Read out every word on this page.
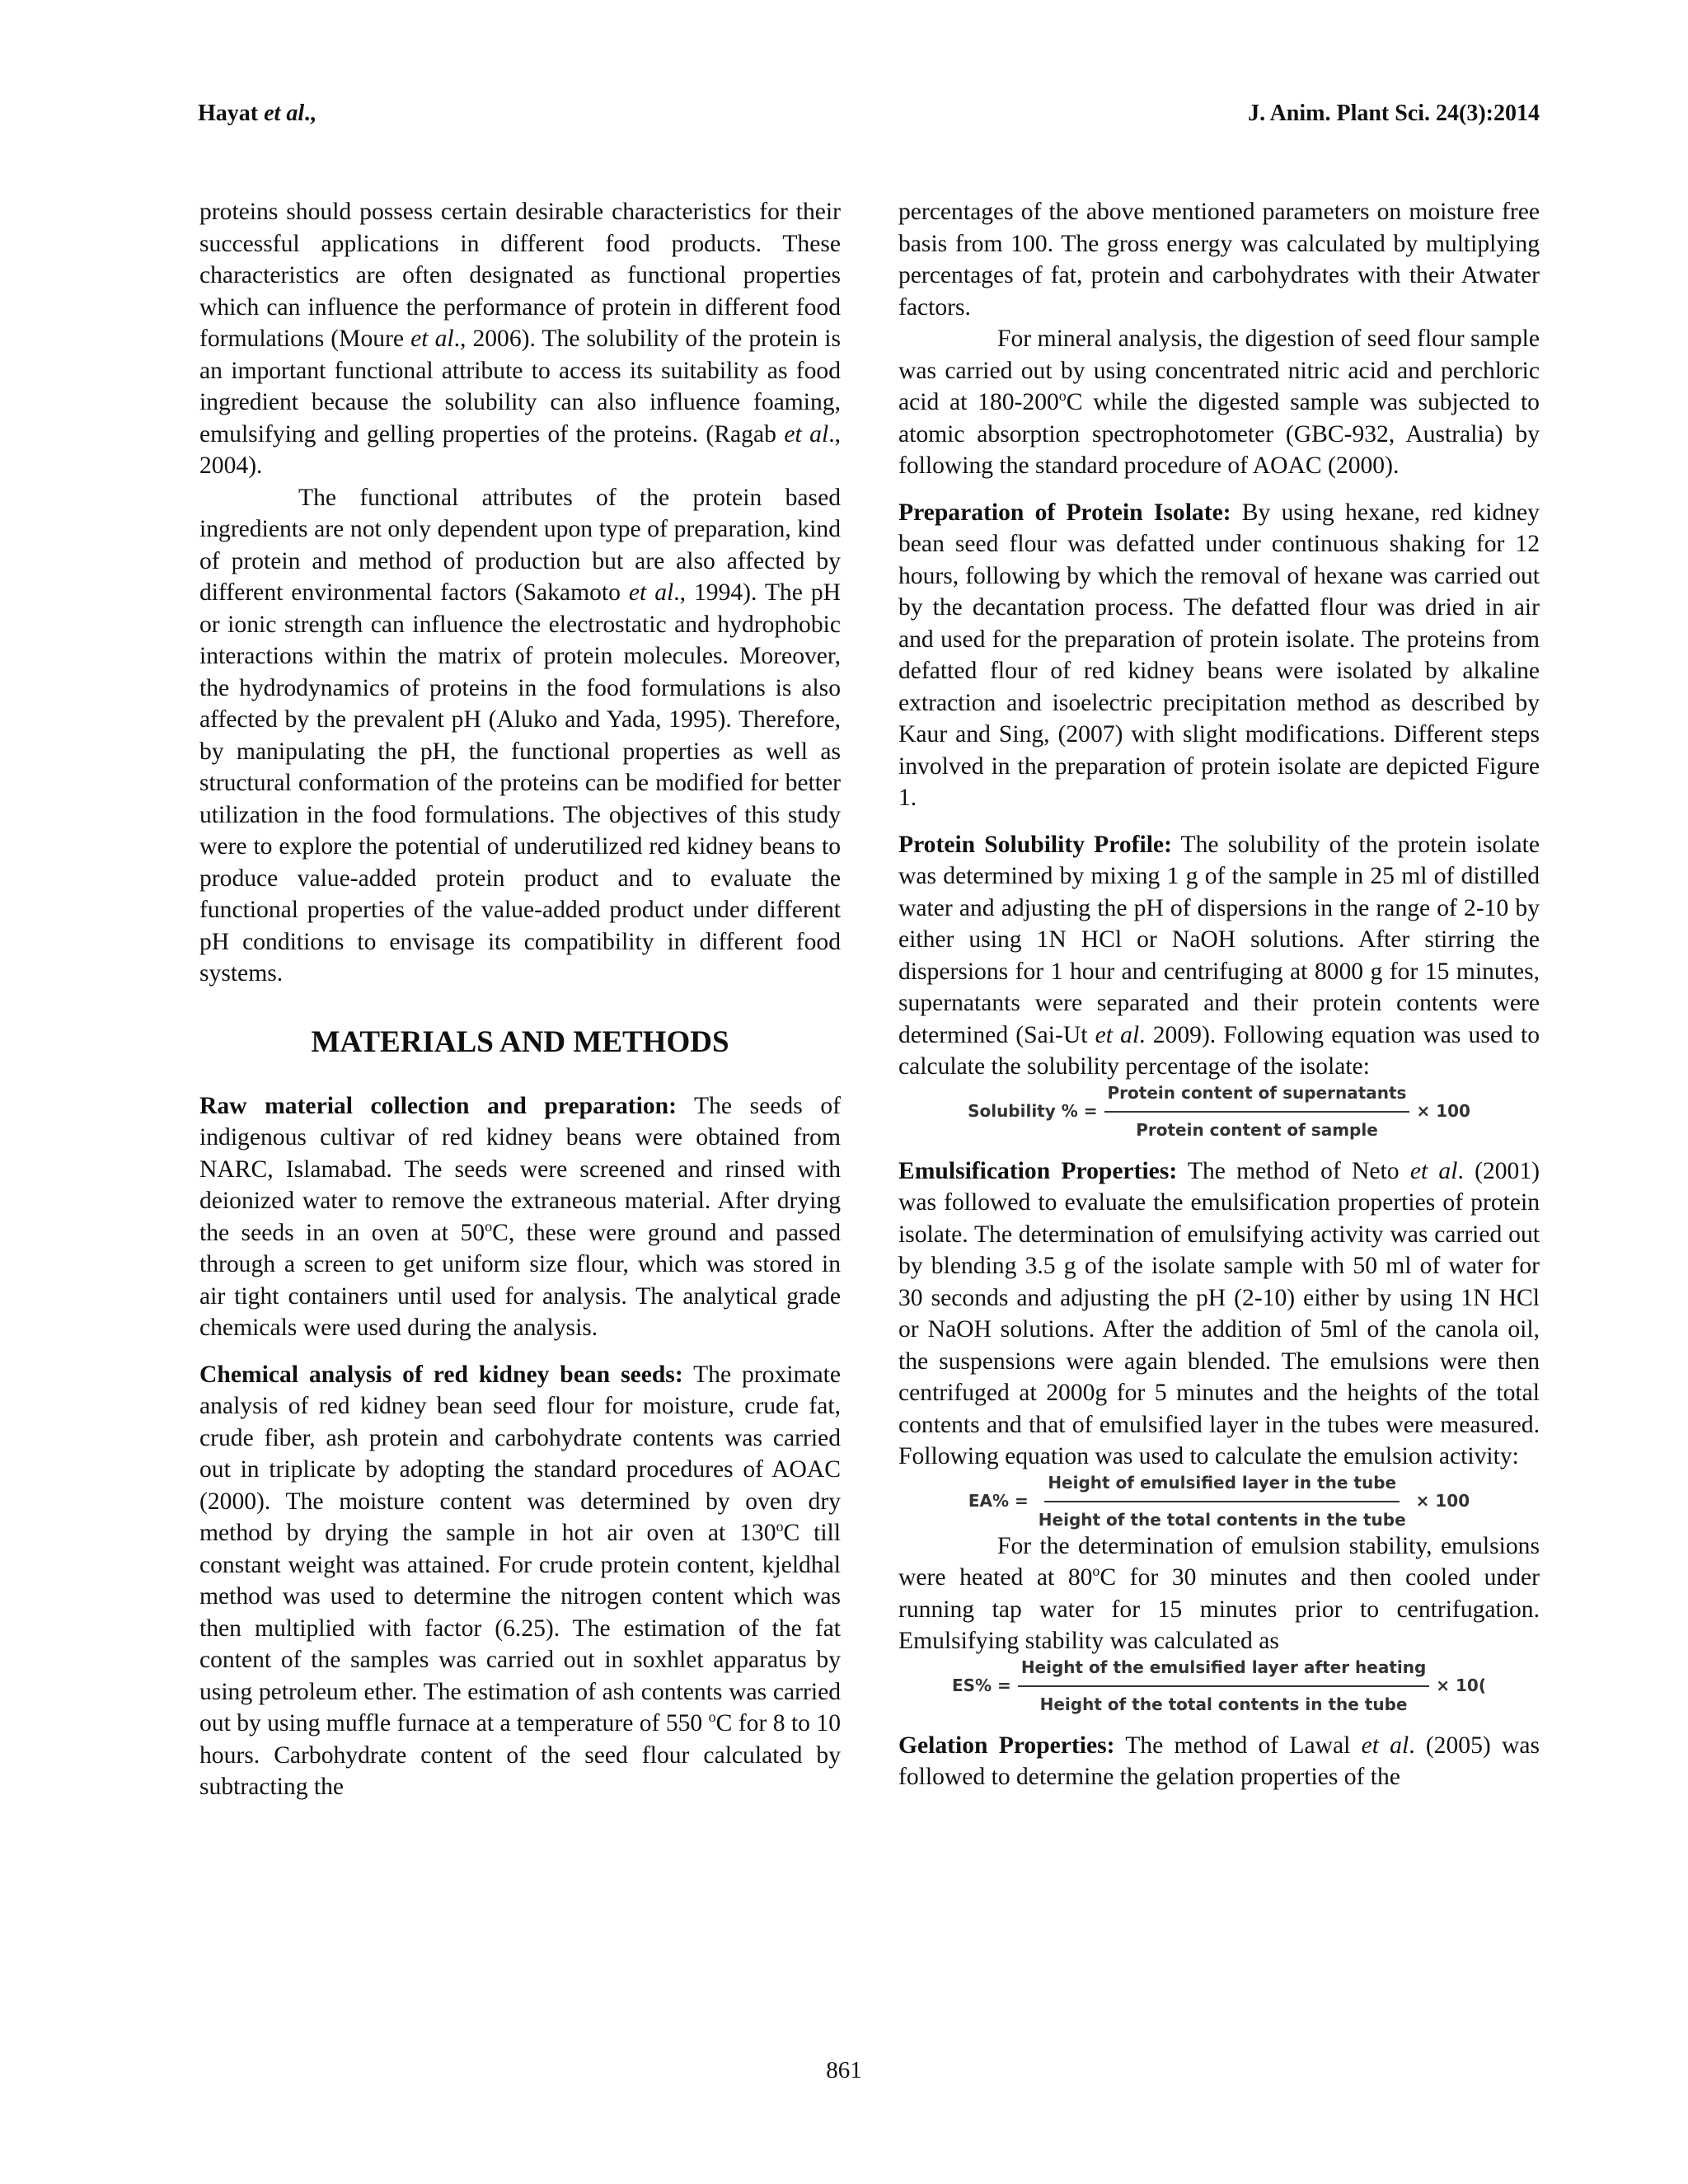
Hayat et al.,	J. Anim. Plant Sci. 24(3):2014

proteins should possess certain desirable characteristics for their successful applications in different food products. These characteristics are often designated as functional properties which can influence the performance of protein in different food formulations (Moure et al., 2006). The solubility of the protein is an important functional attribute to access its suitability as food ingredient because the solubility can also influence foaming, emulsifying and gelling properties of the proteins. (Ragab et al., 2004).

The functional attributes of the protein based ingredients are not only dependent upon type of preparation, kind of protein and method of production but are also affected by different environmental factors (Sakamoto et al., 1994). The pH or ionic strength can influence the electrostatic and hydrophobic interactions within the matrix of protein molecules. Moreover, the hydrodynamics of proteins in the food formulations is also affected by the prevalent pH (Aluko and Yada, 1995). Therefore, by manipulating the pH, the functional properties as well as structural conformation of the proteins can be modified for better utilization in the food formulations. The objectives of this study were to explore the potential of underutilized red kidney beans to produce value-added protein product and to evaluate the functional properties of the value-added product under different pH conditions to envisage its compatibility in different food systems.

MATERIALS AND METHODS

Raw material collection and preparation: The seeds of indigenous cultivar of red kidney beans were obtained from NARC, Islamabad. The seeds were screened and rinsed with deionized water to remove the extraneous material. After drying the seeds in an oven at 50$^o$C, these were ground and passed through a screen to get uniform size flour, which was stored in air tight containers until used for analysis. The analytical grade chemicals were used during the analysis.

Chemical analysis of red kidney bean seeds: The proximate analysis of red kidney bean seed flour for moisture, crude fat, crude fiber, ash protein and carbohydrate contents was carried out in triplicate by adopting the standard procedures of AOAC (2000). The moisture content was determined by oven dry method by drying the sample in hot air oven at 130$^o$C till constant weight was attained. For crude protein content, kjeldhal method was used to determine the nitrogen content which was then multiplied with factor (6.25). The estimation of the fat content of the samples was carried out in soxhlet apparatus by using petroleum ether. The estimation of ash contents was carried out by using muffle furnace at a temperature of 550 $^o$C for 8 to 10 hours. Carbohydrate content of the seed flour calculated by subtracting the

percentages of the above mentioned parameters on moisture free basis from 100. The gross energy was calculated by multiplying percentages of fat, protein and carbohydrates with their Atwater factors.

For mineral analysis, the digestion of seed flour sample was carried out by using concentrated nitric acid and perchloric acid at 180-200$^o$C while the digested sample was subjected to atomic absorption spectrophotometer (GBC-932, Australia) by following the standard procedure of AOAC (2000).

Preparation of Protein Isolate: By using hexane, red kidney bean seed flour was defatted under continuous shaking for 12 hours, following by which the removal of hexane was carried out by the decantation process. The defatted flour was dried in air and used for the preparation of protein isolate. The proteins from defatted flour of red kidney beans were isolated by alkaline extraction and isoelectric precipitation method as described by Kaur and Sing, (2007) with slight modifications. Different steps involved in the preparation of protein isolate are depicted Figure 1.

Protein Solubility Profile: The solubility of the protein isolate was determined by mixing 1 g of the sample in 25 ml of distilled water and adjusting the pH of dispersions in the range of 2-10 by either using 1N HCl or NaOH solutions. After stirring the dispersions for 1 hour and centrifuging at 8000 g for 15 minutes, supernatants were separated and their protein contents were determined (Sai-Ut et al. 2009). Following equation was used to calculate the solubility percentage of the isolate:

Solubility % = $\frac{\text{Protein content of supernatants}}{\text{Protein content of sample}} \times 100$

Emulsification Properties: The method of Neto et al. (2001) was followed to evaluate the emulsification properties of protein isolate. The determination of emulsifying activity was carried out by blending 3.5 g of the isolate sample with 50 ml of water for 30 seconds and adjusting the pH (2-10) either by using 1N HCl or NaOH solutions. After the addition of 5ml of the canola oil, the suspensions were again blended. The emulsions were then centrifuged at 2000g for 5 minutes and the heights of the total contents and that of emulsified layer in the tubes were measured. Following equation was used to calculate the emulsion activity:

$EA\% = \frac{\text{Height of emulsified layer in the tube}}{\text{Height of the total contents in the tube}} \times 100$

For the determination of emulsion stability, emulsions were heated at 80$^o$C for 30 minutes and then cooled under running tap water for 15 minutes prior to centrifugation. Emulsifying stability was calculated as

$ES\% = \frac{\text{Height of the emulsified layer after heating}}{\text{Height of the total contents in the tube}} \times 10$(

Gelation Properties: The method of Lawal et al. (2005) was followed to determine the gelation properties of the

861
